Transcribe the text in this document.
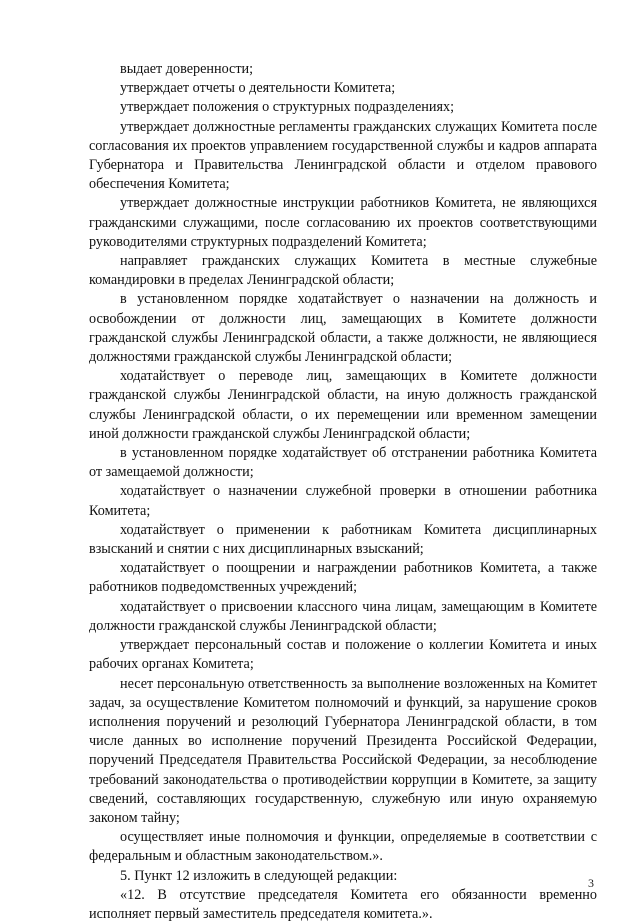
выдает доверенности;

утверждает отчеты о деятельности Комитета;

утверждает положения о структурных подразделениях;

утверждает должностные регламенты гражданских служащих Комитета после согласования их проектов управлением государственной службы и кадров аппарата Губернатора и Правительства Ленинградской области и отделом правового обеспечения Комитета;

утверждает должностные инструкции работников Комитета, не являющихся гражданскими служащими, после согласованию их проектов соответствующими руководителями структурных подразделений Комитета;

направляет гражданских служащих Комитета в местные служебные командировки в пределах Ленинградской области;

в установленном порядке ходатайствует о назначении на должность и освобождении от должности лиц, замещающих в Комитете должности гражданской службы Ленинградской области, а также должности, не являющиеся должностями гражданской службы Ленинградской области;

ходатайствует о переводе лиц, замещающих в Комитете должности гражданской службы Ленинградской области, на иную должность гражданской службы Ленинградской области, о их перемещении или временном замещении иной должности гражданской службы Ленинградской области;

в установленном порядке ходатайствует об отстранении работника Комитета от замещаемой должности;

ходатайствует о назначении служебной проверки в отношении работника Комитета;

ходатайствует о применении к работникам Комитета дисциплинарных взысканий и снятии с них дисциплинарных взысканий;

ходатайствует о поощрении и награждении работников Комитета, а также работников подведомственных учреждений;

ходатайствует о присвоении классного чина лицам, замещающим в Комитете должности гражданской службы Ленинградской области;

утверждает персональный состав и положение о коллегии Комитета и иных рабочих органах Комитета;

несет персональную ответственность за выполнение возложенных на Комитет задач, за осуществление Комитетом полномочий и функций, за нарушение сроков исполнения поручений и резолюций Губернатора Ленинградской области, в том числе данных во исполнение поручений Президента Российской Федерации, поручений Председателя Правительства Российской Федерации, за несоблюдение требований законодательства о противодействии коррупции в Комитете, за защиту сведений, составляющих государственную, служебную или иную охраняемую законом тайну;

осуществляет иные полномочия и функции, определяемые в соответствии с федеральным и областным законодательством.».

5. Пункт 12 изложить в следующей редакции:

«12. В отсутствие председателя Комитета его обязанности временно исполняет первый заместитель председателя комитета.».

3
